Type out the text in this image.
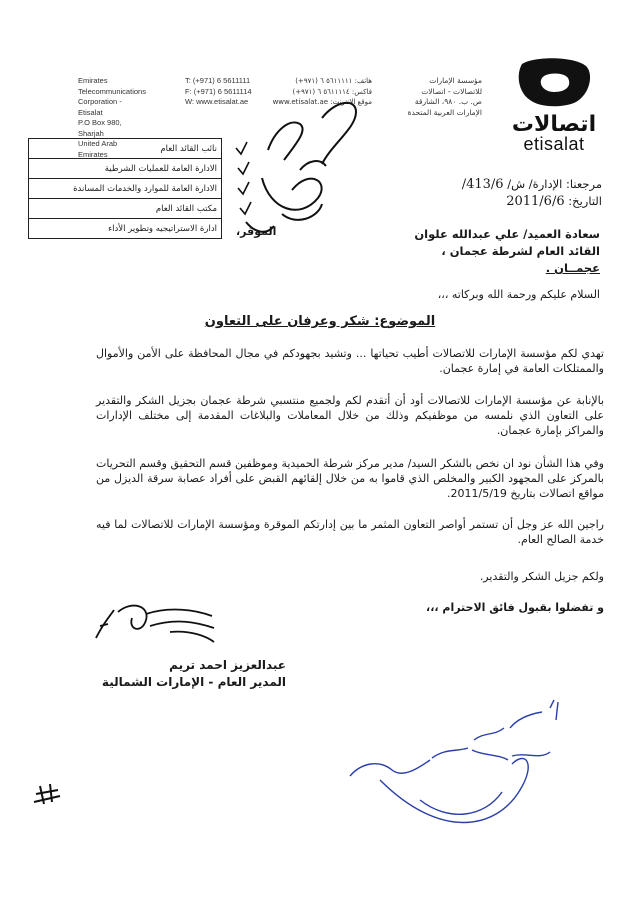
Emirates Telecommunications
Corporation - Etisalat
P.O Box 980, Sharjah
United Arab Emirates
T: (+971) 6 5611111
F: (+971) 6 5611114
W: www.etisalat.ae
هاتف: ٥٦١١١١١ ٦ (٩٧١+)
فاكس: ٥٦١١١١٤ ٦ (٩٧١+)
موقع الانترنت: www.etisalat.ae
مؤسسة الإمارات
للاتصالات - اتصالات
ص. ب. ٩٨٠، الشارقة
الإمارات العربية المتحدة	اتصالات
etisalat
نائب القائد العام
الادارة العامة للعمليات الشرطية
الادارة العامة للموارد والخدمات المساندة
مكتب القائد العام
ادارة الاستراتيجيه وتطوير الأداء الموقر،
مرجعنا: الإدارة/ ش/ 413/6/
التاريخ: 2011/6/6
سعادة العميد/ علي عبدالله علوان
القائد العام لشرطة عجمان ،
عجمــان .
السلام عليكم ورحمة الله وبركاته ،،،
الموضوع: شكر وعرفان على التعاون
تهدي لكم مؤسسة الإمارات للاتصالات أطيب تحياتها ... وتشيد بجهودكم في مجال المحافظة على الأمن والأموال والممتلكات العامة في إمارة عجمان.
بالإنابة عن مؤسسة الإمارات للاتصالات أود أن أتقدم لكم ولجميع منتسبي شرطة عجمان بجزيل الشكر والتقدير على التعاون الذي نلمسه من موظفيكم وذلك من خلال المعاملات والبلاغات المقدمة إلى مختلف الإدارات والمراكز بإمارة عجمان.
وفي هذا الشأن نود ان نخص بالشكر السيد/ مدير مركز شرطة الحميدية وموظفين قسم التحقيق وقسم التحريات بالمركز على المجهود الكبير والمخلص الذي قاموا به من خلال إلقائهم القبض على أفراد عصابة سرقة الديزل من مواقع اتصالات بتاريخ 2011/5/19.
راجين الله عز وجل أن تستمر أواصر التعاون المثمر ما بين إدارتكم الموقرة ومؤسسة الإمارات للاتصالات لما فيه خدمة الصالح العام.
ولكم جزيل الشكر والتقدير.
و تفضلوا بقبول فائق الاحترام ،،،
عبدالعزيز احمد تريم
المدير العام - الإمارات الشمالية
